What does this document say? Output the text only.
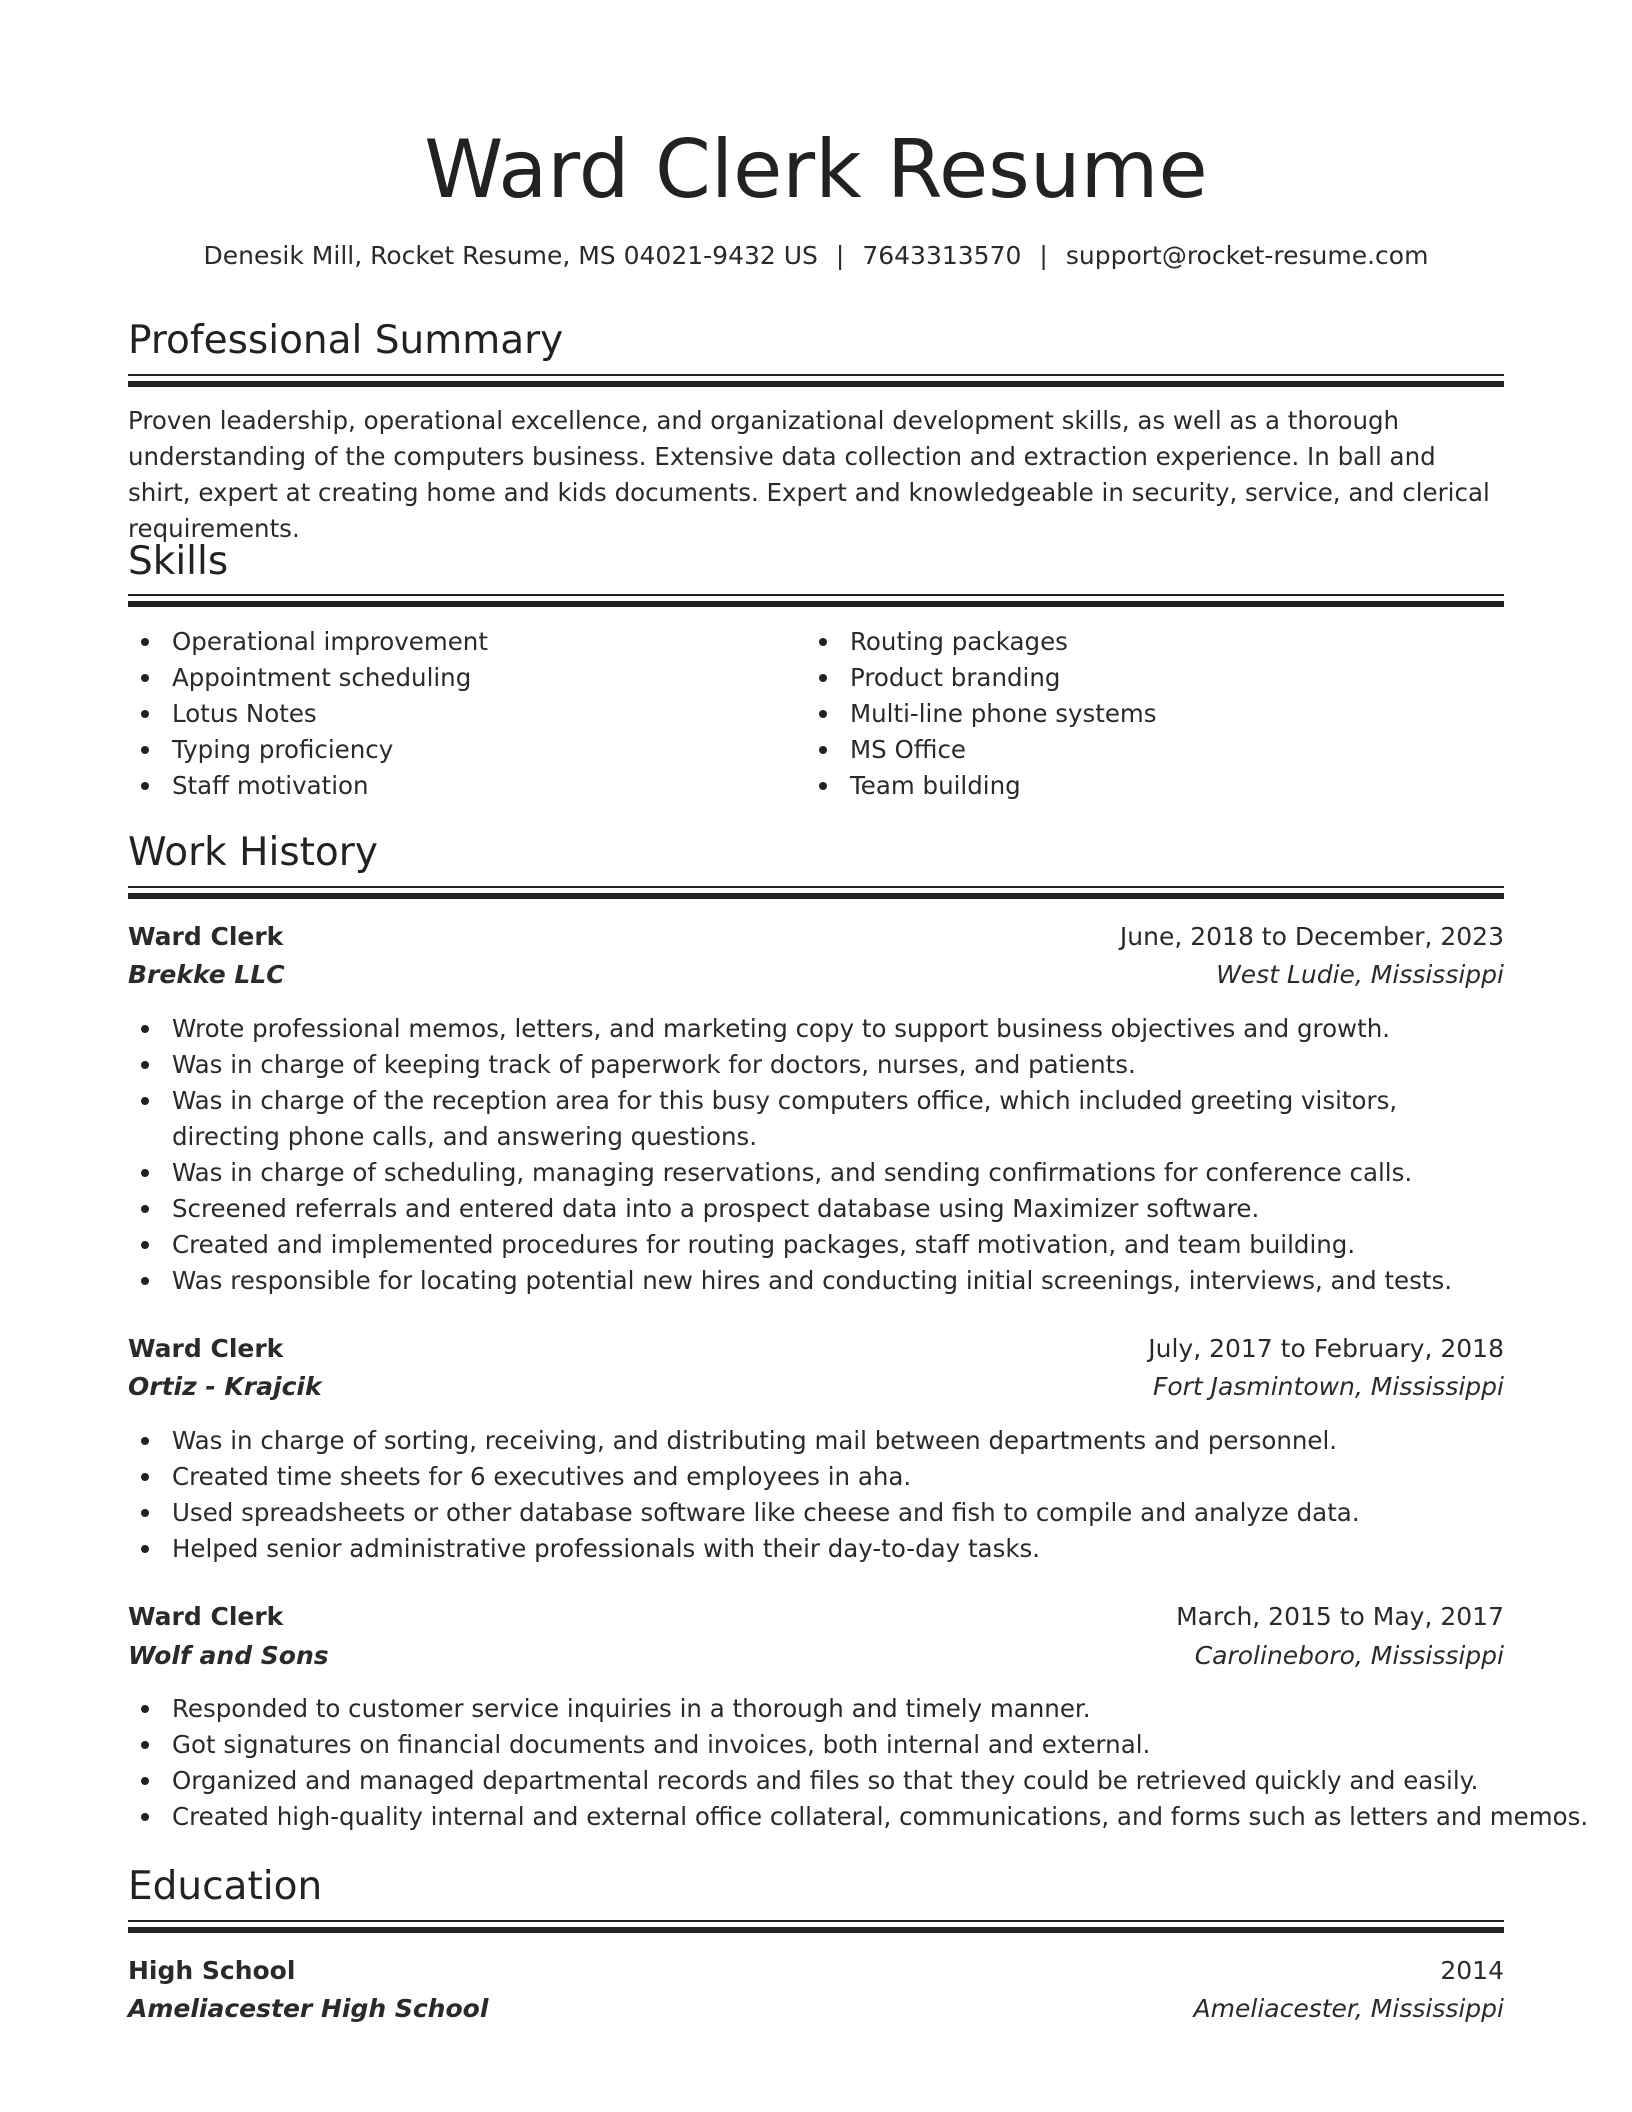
Ward Clerk Resume
Denesik Mill, Rocket Resume, MS 04021-9432 US | 7643313570 | support@rocket-resume.com
Professional Summary

Proven leadership, operational excellence, and organizational development skills, as well as a thorough understanding of the computers business. Extensive data collection and extraction experience. In ball and shirt, expert at creating home and kids documents. Expert and knowledgeable in security, service, and clerical requirements.

Skills
Operational improvement
Appointment scheduling
Lotus Notes
Typing proficiency
Staff motivation
Routing packages
Product branding
Multi-line phone systems
MS Office
Team building
Work History
Ward Clerk	June, 2018 to December, 2023
Brekke LLC	West Ludie, Mississippi
Wrote professional memos, letters, and marketing copy to support business objectives and growth.
Was in charge of keeping track of paperwork for doctors, nurses, and patients.
Was in charge of the reception area for this busy computers office, which included greeting visitors, directing phone calls, and answering questions.
Was in charge of scheduling, managing reservations, and sending confirmations for conference calls.
Screened referrals and entered data into a prospect database using Maximizer software.
Created and implemented procedures for routing packages, staff motivation, and team building.
Was responsible for locating potential new hires and conducting initial screenings, interviews, and tests.
Ward Clerk	July, 2017 to February, 2018
Ortiz - Krajcik	Fort Jasmintown, Mississippi
Was in charge of sorting, receiving, and distributing mail between departments and personnel.
Created time sheets for 6 executives and employees in aha.
Used spreadsheets or other database software like cheese and fish to compile and analyze data.
Helped senior administrative professionals with their day-to-day tasks.
Ward Clerk	March, 2015 to May, 2017
Wolf and Sons	Carolineboro, Mississippi
Responded to customer service inquiries in a thorough and timely manner.
Got signatures on financial documents and invoices, both internal and external.
Organized and managed departmental records and files so that they could be retrieved quickly and easily.
Created high-quality internal and external office collateral, communications, and forms such as letters and memos.
Education
High School	2014
Ameliacester High School	Ameliacester, Mississippi
